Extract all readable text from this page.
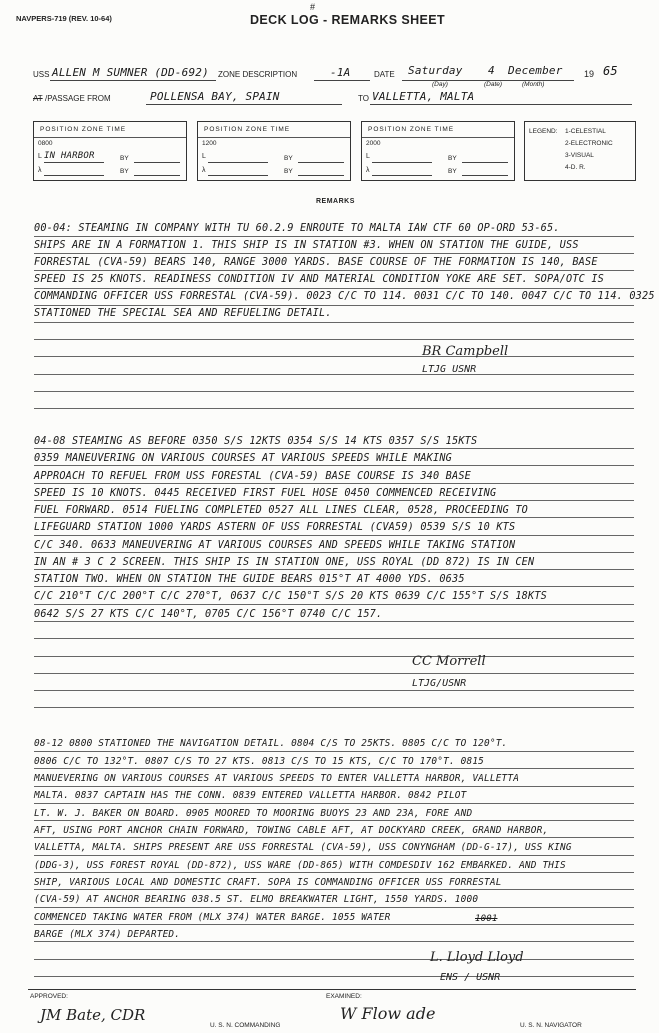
#
NAVPERS-719 (REV. 10-64)	DECK LOG - REMARKS SHEET
USS ALLEN M SUMNER (DD-692) ZONE DESCRIPTION	-1A	DATE Saturday 4 December 19 65
(Day)	(Date)	(Month)
AT /PASSAGE FROM	POLLENSA BAY, SPAIN	TO VALLETTA, MALTA
POSITION ZONE TIME
0800
L IN HARBOR	BY
λ	BY
POSITION ZONE TIME
1200
L	BY
λ	BY
POSITION ZONE TIME
2000
L	BY
λ	BY
LEGEND: 1-CELESTIAL
2-ELECTRONIC
3-VISUAL
4-D. R.
REMARKS
00-04: STEAMING IN COMPANY WITH TU 60.2.9 ENROUTE TO MALTA IAW CTF 60 OP-ORD 53-65.
SHIPS ARE IN A FORMATION 1. THIS SHIP IS IN STATION #3. WHEN ON STATION THE GUIDE, USS
FORRESTAL (CVA-59) BEARS 140, RANGE 3000 YARDS. BASE COURSE OF THE FORMATION IS 140, BASE
SPEED IS 25 KNOTS. READINESS CONDITION IV AND MATERIAL CONDITION YOKE ARE SET. SOPA/OTC IS
COMMANDING OFFICER USS FORRESTAL (CVA-59). 0023 C/C TO 114. 0031 C/C TO 140. 0047 C/C TO 114. 0325
STATIONED THE SPECIAL SEA AND REFUELING DETAIL.
BR Campbell
LTJG USNR
04-08 STEAMING AS BEFORE 0350 S/S 12KTS 0354 S/S 14 KTS 0357 S/S 15KTS
0359 MANEUVERING ON VARIOUS COURSES AT VARIOUS SPEEDS WHILE MAKING
APPROACH TO REFUEL FROM USS FORESTAL (CVA-59) BASE COURSE IS 340 BASE
SPEED IS 10 KNOTS. 0445 RECEIVED FIRST FUEL HOSE 0450 COMMENCED RECEIVING
FUEL FORWARD. 0514 FUELING COMPLETED 0527 ALL LINES CLEAR, 0528, PROCEEDING TO
LIFEGUARD STATION 1000 YARDS ASTERN OF USS FORRESTAL (CVA59) 0539 S/S 10 KTS
C/C 340. 0633 MANEUVERING AT VARIOUS COURSES AND SPEEDS WHILE TAKING STATION
IN AN # 3 C 2 SCREEN. THIS SHIP IS IN STATION ONE, USS ROYAL (DD 872) IS IN CEN
STATION TWO. WHEN ON STATION THE GUIDE BEARS 015°T AT 4000 YDS. 0635
C/C 210°T C/C 200°T C/C 270°T, 0637 C/C 150°T S/S 20 KTS 0639 C/C 155°T S/S 18KTS
0642 S/S 27 KTS C/C 140°T, 0705 C/C 156°T 0740 C/C 157.
CC Morrell
LTJG/USNR
08-12 0800 STATIONED THE NAVIGATION DETAIL. 0804 C/S TO 25KTS. 0805 C/C TO 120°T.
0806 C/C TO 132°T. 0807 C/S TO 27 KTS. 0813 C/S TO 15 KTS, C/C TO 170°T. 0815
MANUEVERING ON VARIOUS COURSES AT VARIOUS SPEEDS TO ENTER VALLETTA HARBOR, VALLETTA
MALTA. 0837 CAPTAIN HAS THE CONN. 0839 ENTERED VALLETTA HARBOR. 0842 PILOT
LT. W. J. BAKER ON BOARD. 0905 MOORED TO MOORING BUOYS 23 AND 23A, FORE AND
AFT, USING PORT ANCHOR CHAIN FORWARD, TOWING CABLE AFT, AT DOCKYARD CREEK, GRAND HARBOR,
VALLETTA, MALTA. SHIPS PRESENT ARE USS FORRESTAL (CVA-59), USS CONYNGHAM (DD-G-17), USS KING
(DDG-3), USS FOREST ROYAL (DD-872), USS WARE (DD-865) WITH COMDESDIV 162 EMBARKED. AND THIS
SHIP, VARIOUS LOCAL AND DOMESTIC CRAFT. SOPA IS COMMANDING OFFICER USS FORRESTAL
(CVA-59) AT ANCHOR BEARING 038.5 ST. ELMO BREAKWATER LIGHT, 1550 YARDS. 1000
COMMENCED TAKING WATER FROM (MLX 374) WATER BARGE. 1055 WATER	1001
BARGE (MLX 374) DEPARTED.
L. Lloyd Lloyd
ENS / USNR
APPROVED:	EXAMINED:
JM Bate, CDR
U. S. N. COMMANDING
W Flow ade
U. S. N. NAVIGATOR
